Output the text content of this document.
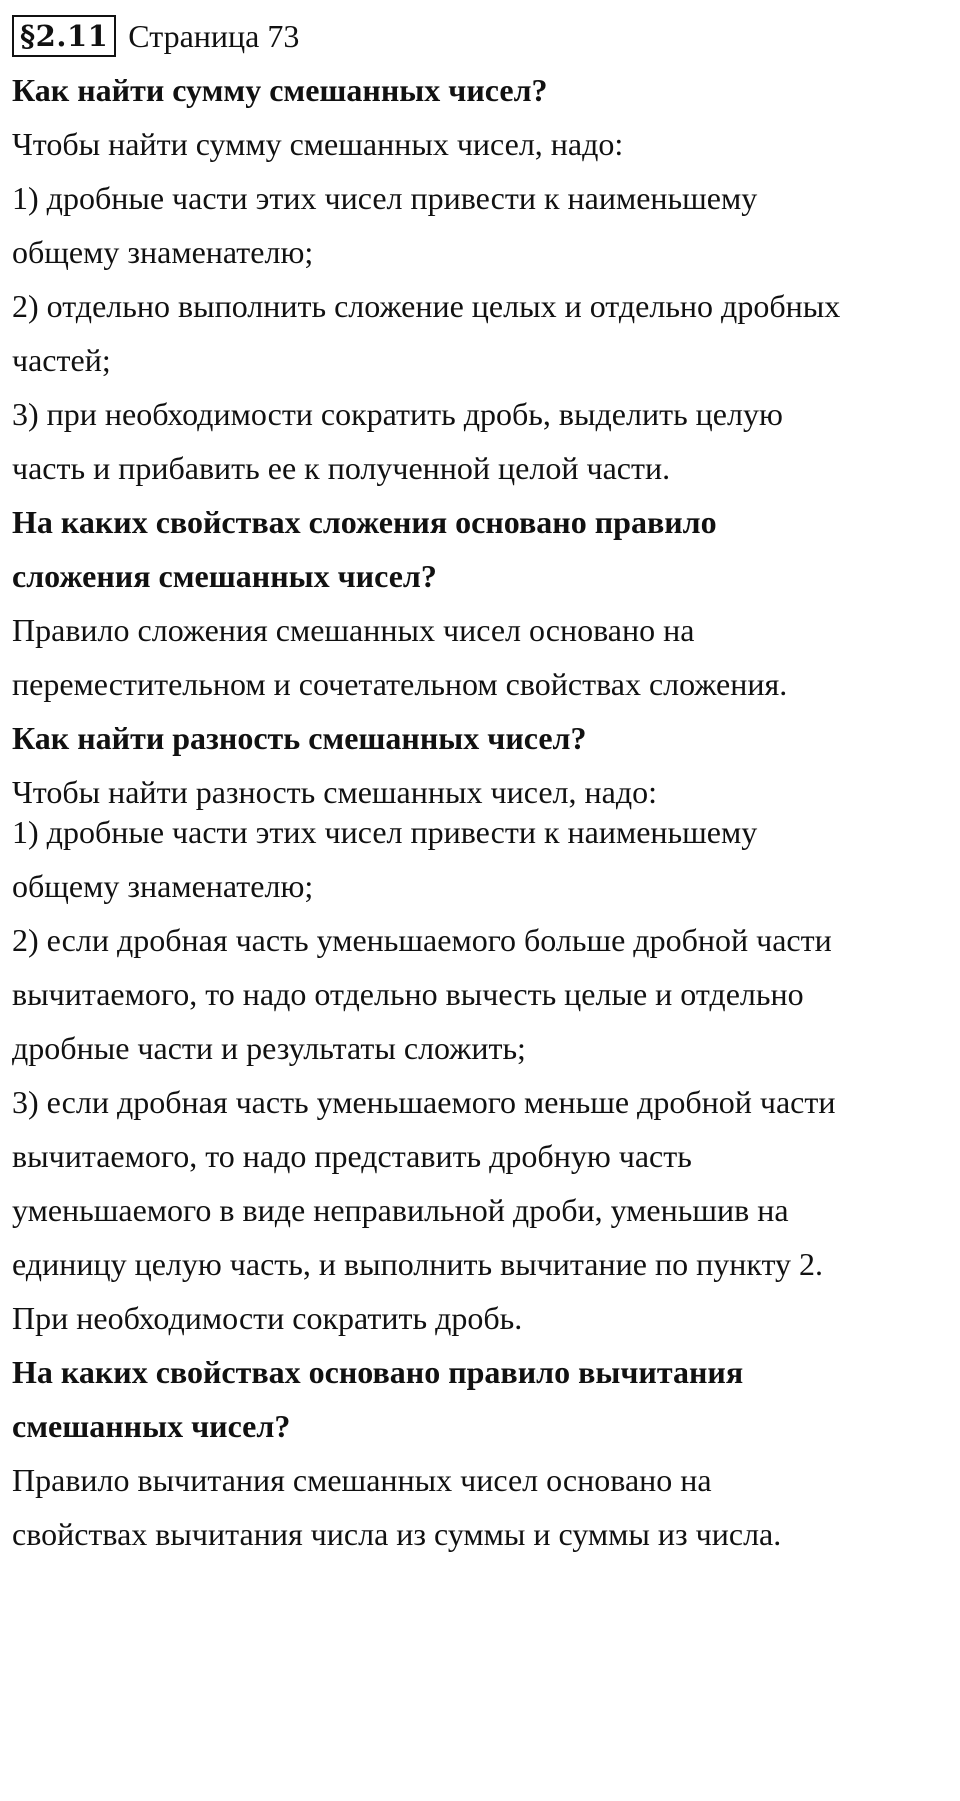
§2.11 Страница 73
Как найти сумму смешанных чисел?
Чтобы найти сумму смешанных чисел, надо:
1) дробные части этих чисел привести к наименьшему
общему знаменателю;
2) отдельно выполнить сложение целых и отдельно дробных
частей;
3) при необходимости сократить дробь, выделить целую
часть и прибавить ее к полученной целой части.
На каких свойствах сложения основано правило
сложения смешанных чисел?
Правило сложения смешанных чисел основано на
переместительном и сочетательном свойствах сложения.
Как найти разность смешанных чисел?
Чтобы найти разность смешанных чисел, надо:
1) дробные части этих чисел привести к наименьшему
общему знаменателю;
2) если дробная часть уменьшаемого больше дробной части
вычитаемого, то надо отдельно вычесть целые и отдельно
дробные части и результаты сложить;
3) если дробная часть уменьшаемого меньше дробной части
вычитаемого, то надо представить дробную часть
уменьшаемого в виде неправильной дроби, уменьшив на
единицу целую часть, и выполнить вычитание по пункту 2.
При необходимости сократить дробь.
На каких свойствах основано правило вычитания
смешанных чисел?
Правило вычитания смешанных чисел основано на
свойствах вычитания числа из суммы и суммы из числа.
